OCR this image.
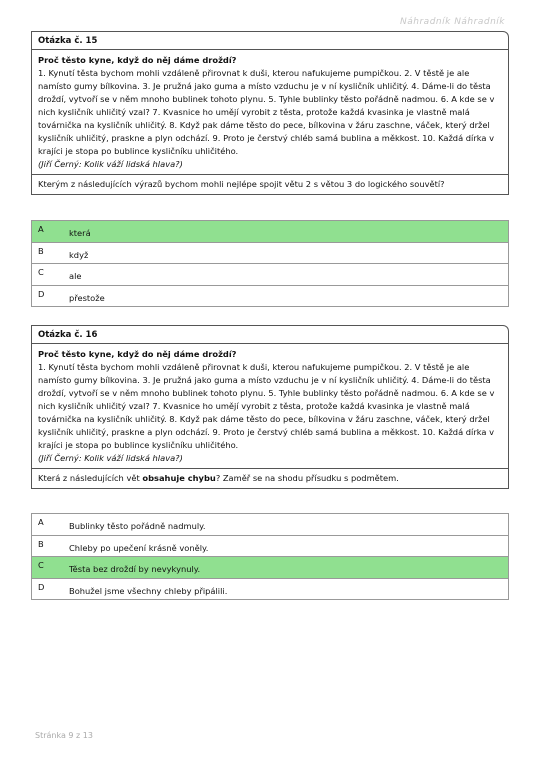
Náhradník Náhradník
Otázka č. 15
Proč těsto kyne, když do něj dáme droždí?
1. Kynutí těsta bychom mohli vzdáleně přirovnat k duši, kterou nafukujeme pumpičkou. 2. V těstě je ale namísto gumy bílkovina. 3. Je pružná jako guma a místo vzduchu je v ní kysličník uhličitý. 4. Dáme-li do těsta droždí, vytvoří se v něm mnoho bublinek tohoto plynu. 5. Tyhle bublinky těsto pořádně nadmou. 6. A kde se v nich kysličník uhličitý vzal? 7. Kvasnice ho umějí vyrobit z těsta, protože každá kvasinka je vlastně malá továrnička na kysličník uhličitý. 8. Když pak dáme těsto do pece, bílkovina v žáru zaschne, váček, který držel kysličník uhličitý, praskne a plyn odchází. 9. Proto je čerstvý chléb samá bublina a měkkost. 10. Každá dírka v krajíci je stopa po bublince kysličníku uhličitého.
(Jiří Černý: Kolik váží lidská hlava?)
Kterým z následujících výrazů bychom mohli nejlépe spojit větu 2 s větou 3 do logického souvětí?
A	která
B	když
C	ale
D	přestože
Otázka č. 16
Proč těsto kyne, když do něj dáme droždí?
1. Kynutí těsta bychom mohli vzdáleně přirovnat k duši, kterou nafukujeme pumpičkou. 2. V těstě je ale namísto gumy bílkovina. 3. Je pružná jako guma a místo vzduchu je v ní kysličník uhličitý. 4. Dáme-li do těsta droždí, vytvoří se v něm mnoho bublinek tohoto plynu. 5. Tyhle bublinky těsto pořádně nadmou. 6. A kde se v nich kysličník uhličitý vzal? 7. Kvasnice ho umějí vyrobit z těsta, protože každá kvasinka je vlastně malá továrnička na kysličník uhličitý. 8. Když pak dáme těsto do pece, bílkovina v žáru zaschne, váček, který držel kysličník uhličitý, praskne a plyn odchází. 9. Proto je čerstvý chléb samá bublina a měkkost. 10. Každá dírka v krajíci je stopa po bublince kysličníku uhličitého.
(Jiří Černý: Kolik váží lidská hlava?)
Která z následujících vět obsahuje chybu? Zaměř se na shodu přísudku s podmětem.
A	Bublinky těsto pořádně nadmuly.
B	Chleby po upečení krásně voněly.
C	Těsta bez droždí by nevykynuly.
D	Bohužel jsme všechny chleby připálili.
Stránka 9 z 13
